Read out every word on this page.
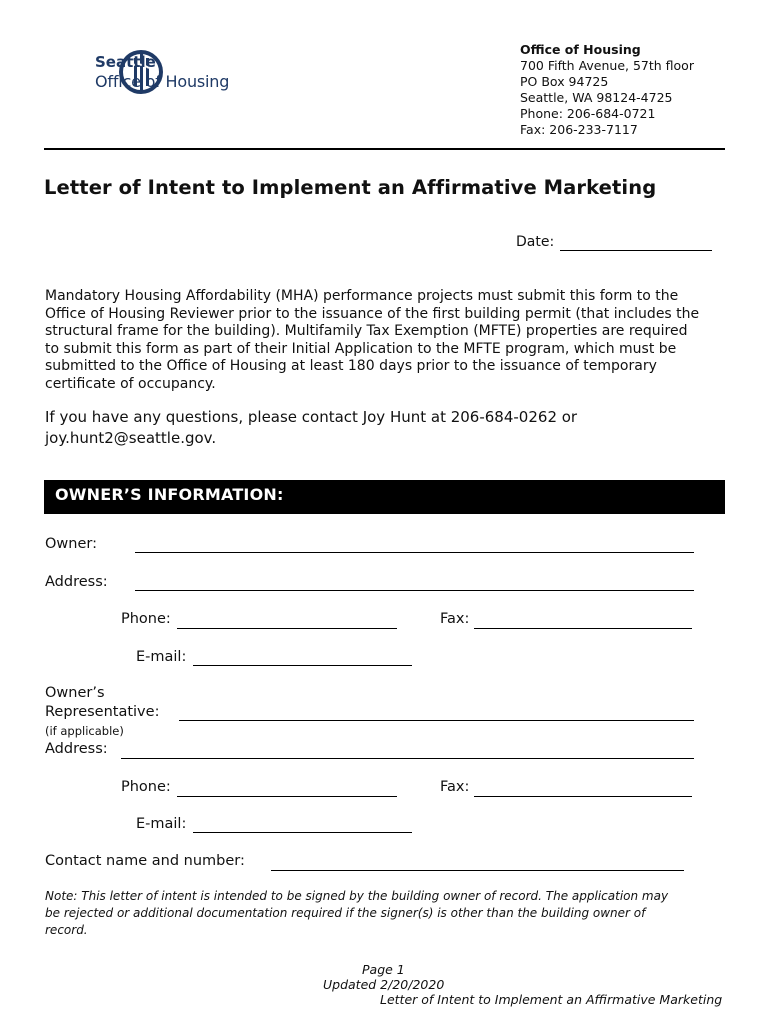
Seattle
Office of Housing
Office of Housing
700 Fifth Avenue, 57th floor
PO Box 94725
Seattle, WA 98124-4725
Phone: 206-684-0721
Fax: 206-233-7117
Letter of Intent to Implement an Affirmative Marketing
Date:
Mandatory Housing Affordability (MHA) performance projects must submit this form to the
Office of Housing Reviewer prior to the issuance of the first building permit (that includes the
structural frame for the building). Multifamily Tax Exemption (MFTE) properties are required
to submit this form as part of their Initial Application to the MFTE program, which must be
submitted to the Office of Housing at least 180 days prior to the issuance of temporary
certificate of occupancy.
If you have any questions, please contact Joy Hunt at 206-684-0262 or
joy.hunt2@seattle.gov.
OWNER’S INFORMATION:
Owner:
Address:
Phone:	Fax:
E-mail:
Owner’s
Representative:
(if applicable)
Address:
Phone:	Fax:
E-mail:
Contact name and number:
Note: This letter of intent is intended to be signed by the building owner of record. The application may
be rejected or additional documentation required if the signer(s) is other than the building owner of
record.
Page 1
Updated 2/20/2020
Letter of Intent to Implement an Affirmative Marketing
